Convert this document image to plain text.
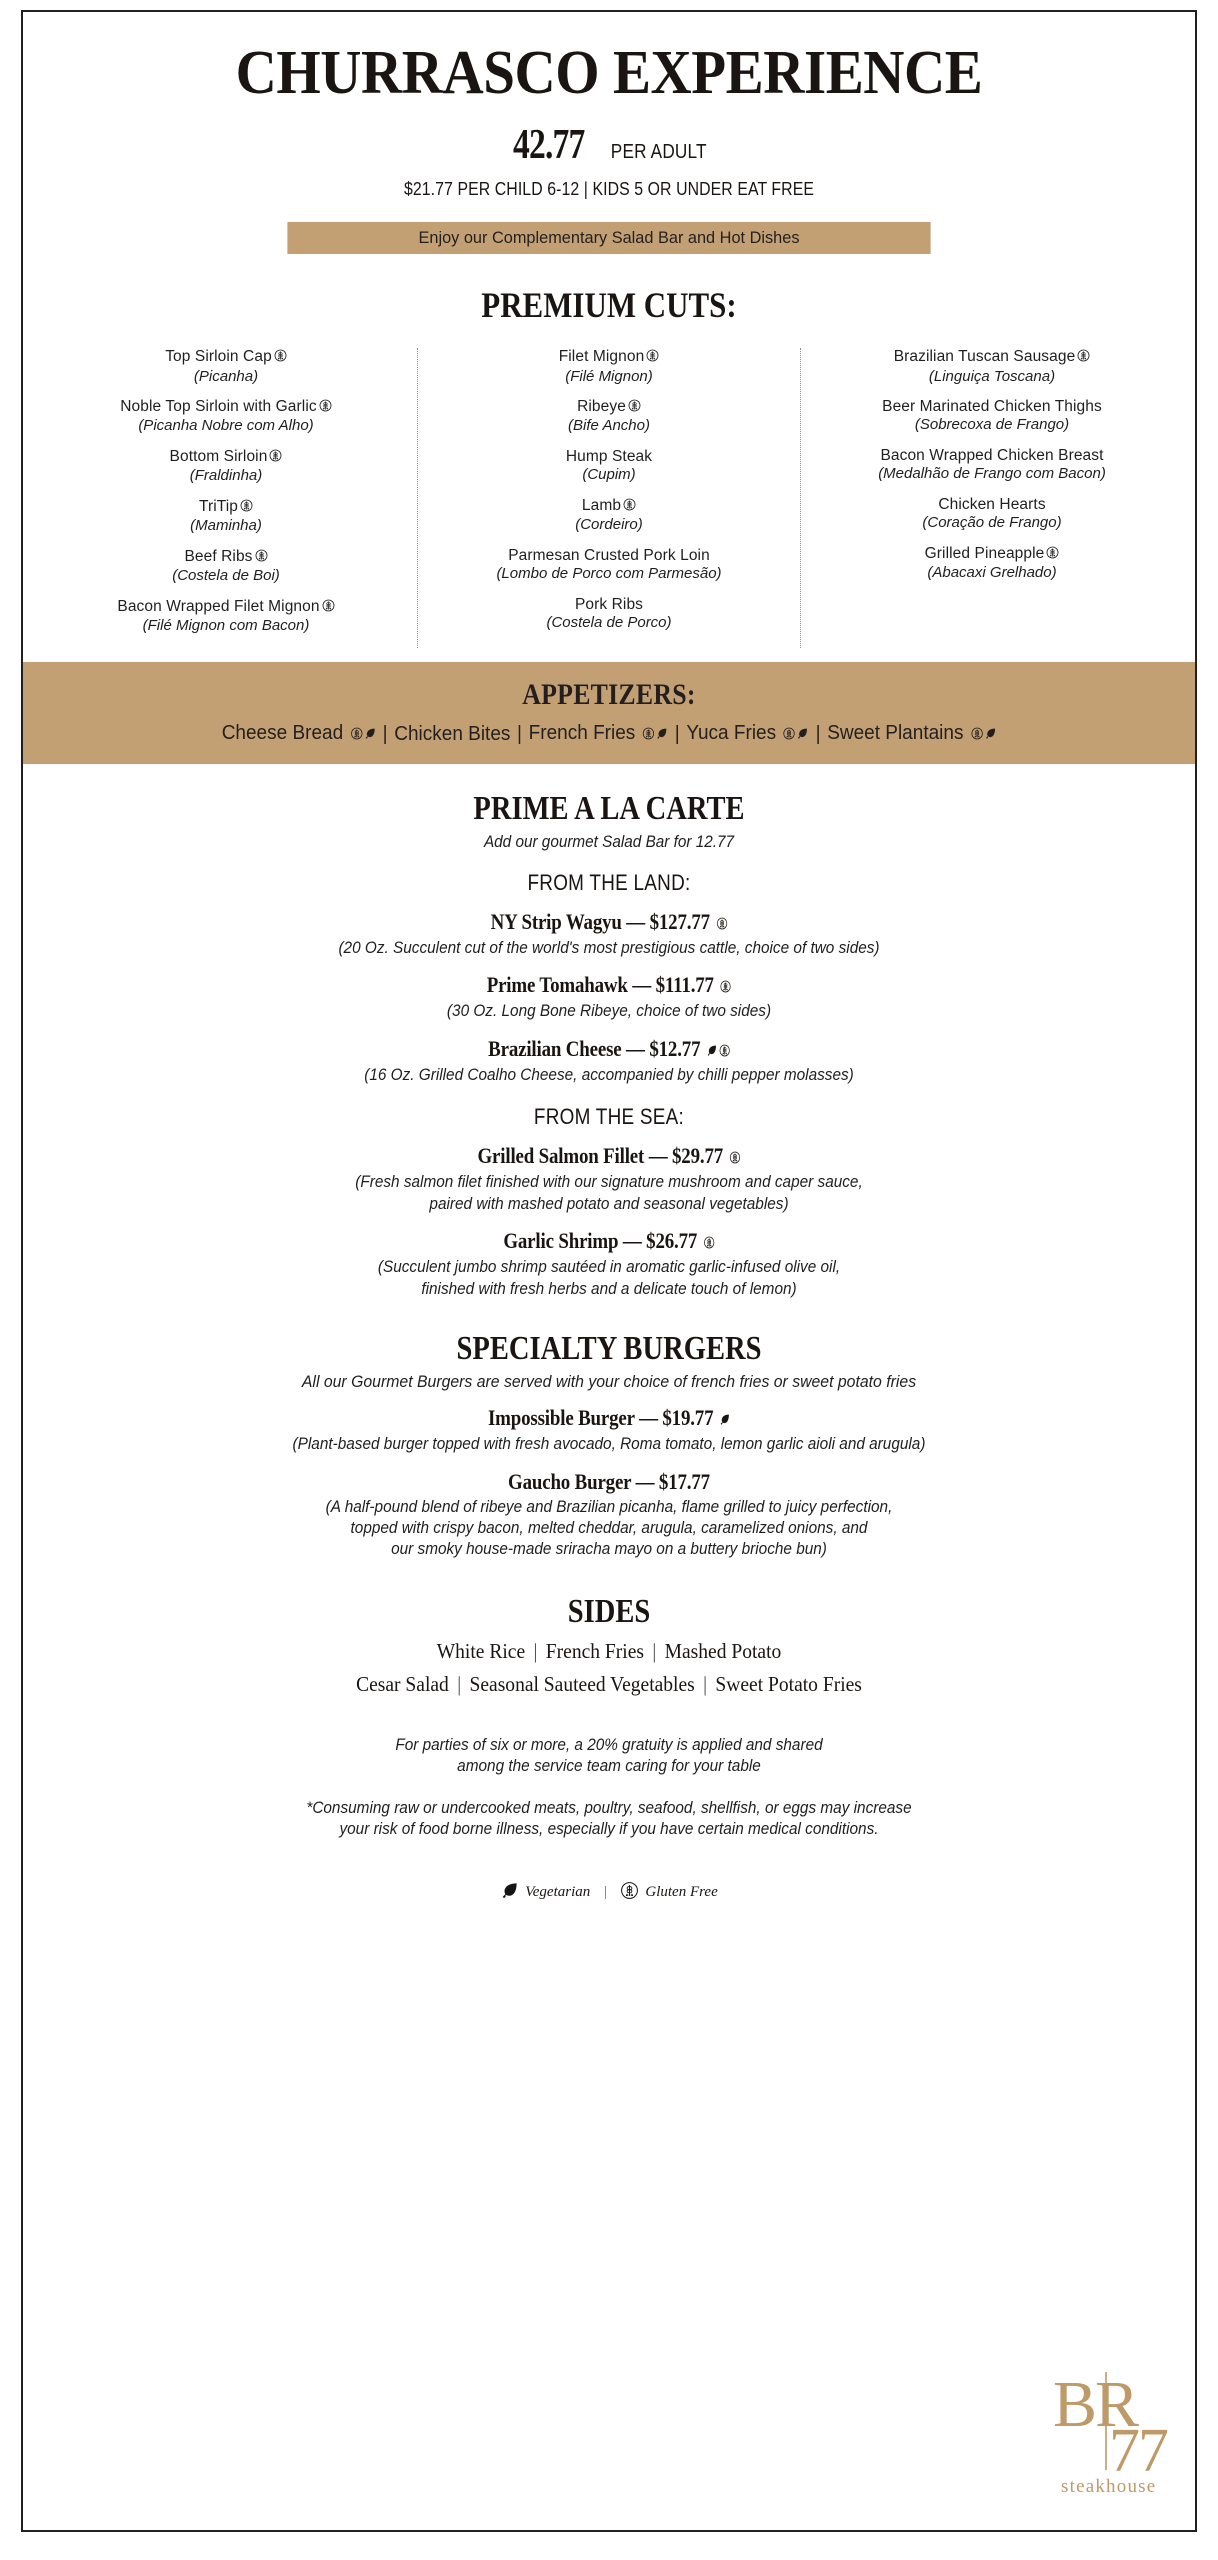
CHURRASCO EXPERIENCE
42.77 PER ADULT
$21.77 PER CHILD 6-12 | KIDS 5 OR UNDER EAT FREE
Enjoy our Complementary Salad Bar and Hot Dishes
PREMIUM CUTS:
Top Sirloin Cap
(Picanha)
Noble Top Sirloin with Garlic
(Picanha Nobre com Alho)
Bottom Sirloin
(Fraldinha)
TriTip
(Maminha)
Beef Ribs
(Costela de Boi)
Bacon Wrapped Filet Mignon
(Filé Mignon com Bacon)
Filet Mignon
(Filé Mignon)
Ribeye
(Bife Ancho)
Hump Steak
(Cupim)
Lamb
(Cordeiro)
Parmesan Crusted Pork Loin
(Lombo de Porco com Parmesão)
Pork Ribs
(Costela de Porco)
Brazilian Tuscan Sausage
(Linguiça Toscana)
Beer Marinated Chicken Thighs
(Sobrecoxa de Frango)
Bacon Wrapped Chicken Breast
(Medalhão de Frango com Bacon)
Chicken Hearts
(Coração de Frango)
Grilled Pineapple
(Abacaxi Grelhado)
APPETIZERS:
Cheese Bread	| Chicken Bites | French Fries	| Yuca Fries	| Sweet Plantains
PRIME A LA CARTE
Add our gourmet Salad Bar for 12.77
FROM THE LAND:
NY Strip Wagyu — $127.77
(20 Oz. Succulent cut of the world's most prestigious cattle, choice of two sides)
Prime Tomahawk — $111.77
(30 Oz. Long Bone Ribeye, choice of two sides)
Brazilian Cheese — $12.77
(16 Oz. Grilled Coalho Cheese, accompanied by chilli pepper molasses)
FROM THE SEA:
Grilled Salmon Fillet — $29.77
(Fresh salmon filet finished with our signature mushroom and caper sauce,
paired with mashed potato and seasonal vegetables)
Garlic Shrimp — $26.77
(Succulent jumbo shrimp sautéed in aromatic garlic-infused olive oil,
finished with fresh herbs and a delicate touch of lemon)
SPECIALTY BURGERS
All our Gourmet Burgers are served with your choice of french fries or sweet potato fries
Impossible Burger — $19.77
(Plant-based burger topped with fresh avocado, Roma tomato, lemon garlic aioli and arugula)
Gaucho Burger — $17.77
(A half-pound blend of ribeye and Brazilian picanha, flame grilled to juicy perfection,
topped with crispy bacon, melted cheddar, arugula, caramelized onions, and
our smoky house-made sriracha mayo on a buttery brioche bun)
SIDES
White Rice | French Fries | Mashed Potato
Cesar Salad | Seasonal Sauteed Vegetables | Sweet Potato Fries
For parties of six or more, a 20% gratuity is applied and shared
among the service team caring for your table
*Consuming raw or undercooked meats, poultry, seafood, shellfish, or eggs may increase
your risk of food borne illness, especially if you have certain medical conditions.
Vegetarian |	Gluten Free
BR
77
steakhouse
